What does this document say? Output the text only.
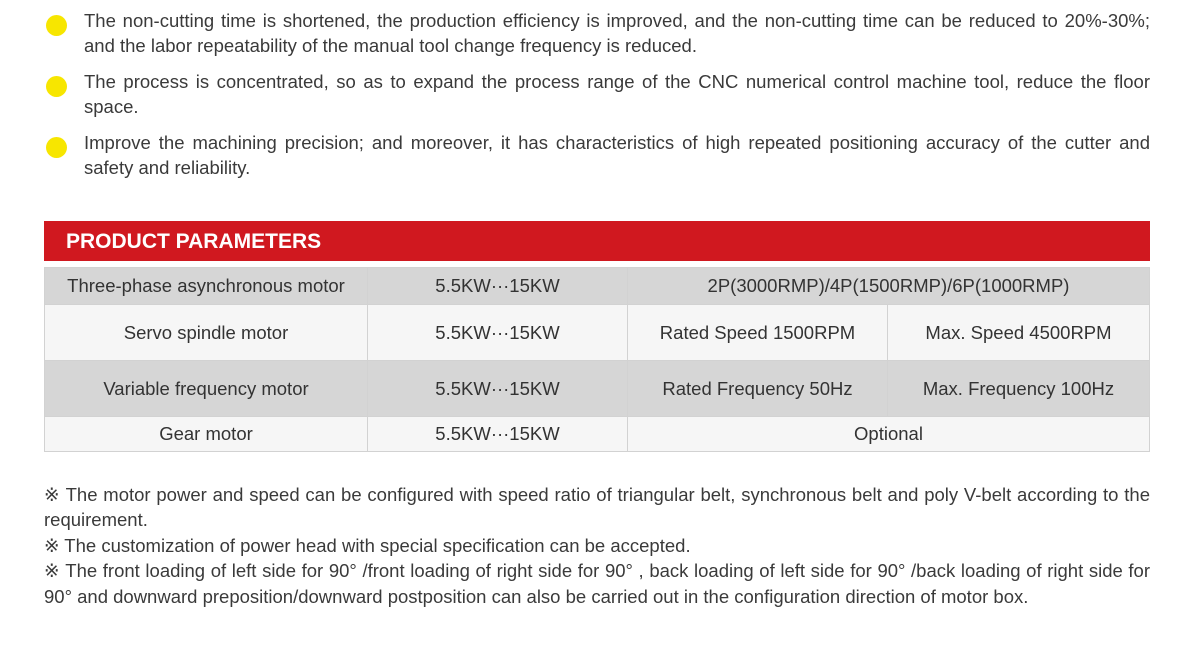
The non-cutting time is shortened, the production efficiency is improved, and the non-cutting time can be reduced to 20%-30%; and the labor repeatability of the manual tool change frequency is reduced.
The process is concentrated, so as to expand the process range of the CNC numerical control machine tool, reduce the floor space.
Improve the machining precision; and moreover, it has characteristics of high repeated positioning accuracy of the cutter and safety and reliability.
PRODUCT PARAMETERS
Three-phase asynchronous motor	5.5KW···15KW	2P(3000RMP)/4P(1500RMP)/6P(1000RMP)	
Servo spindle motor	5.5KW···15KW	Rated Speed 1500RPM	Max. Speed 4500RPM
Variable frequency motor	5.5KW···15KW	Rated Frequency 50Hz	Max. Frequency 100Hz
Gear motor	5.5KW···15KW	Optional	
※ The motor power and speed can be configured with speed ratio of triangular belt, synchronous belt and poly V-belt according to the requirement.
※ The customization of power head with special specification can be accepted.
※ The front loading of left side for 90° /front loading of right side for 90° , back loading of left side for 90° /back loading of right side for 90° and downward preposition/downward postposition can also be carried out in the configuration direction of motor box.
